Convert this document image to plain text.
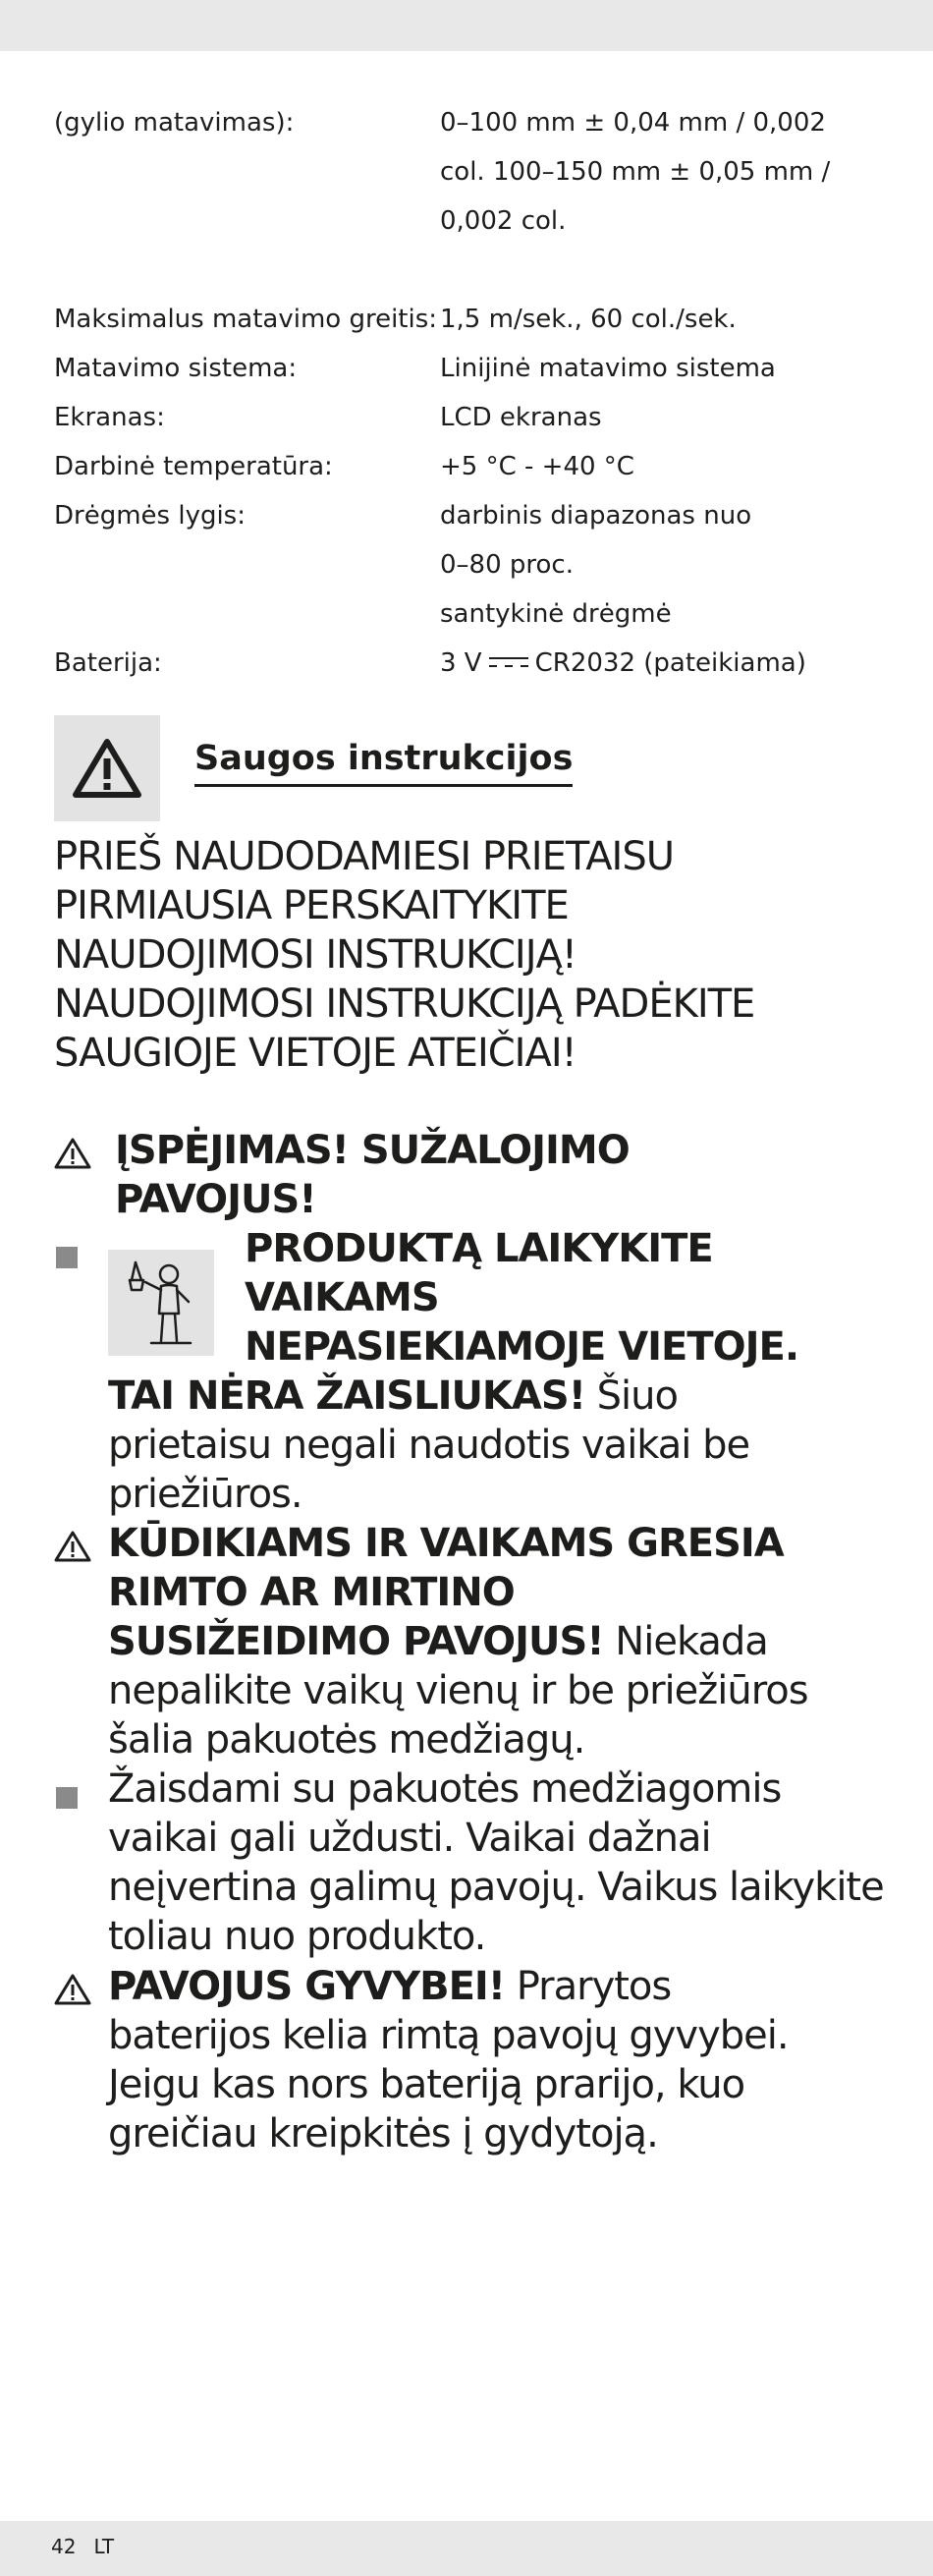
(gylio matavimas):	0–100 mm ± 0,04 mm / 0,002
col. 100–150 mm ± 0,05 mm /
0,002 col.
Maksimalus matavimo greitis: 1,5 m/sek., 60 col./sek.
Matavimo sistema:	Linijinė matavimo sistema
Ekranas:	LCD ekranas
Darbinė temperatūra:	+5 °C - +40 °C
Drėgmės lygis:	darbinis diapazonas nuo
0–80 proc.
santykinė drėgmė
Baterija:	3 V CR2032 (pateikiama)
Saugos instrukcijos
PRIEŠ NAUDODAMIESI PRIETAISU
PIRMIAUSIA PERSKAITYKITE
NAUDOJIMOSI INSTRUKCIJĄ!
NAUDOJIMOSI INSTRUKCIJĄ PADĖKITE
SAUGIOJE VIETOJE ATEIČIAI!
ĮSPĖJIMAS! SUŽALOJIMO
PAVOJUS!
PRODUKTĄ LAIKYKITE
VAIKAMS
NEPASIEKIAMOJE VIETOJE.
TAI NĖRA ŽAISLIUKAS! Šiuo
prietaisu negali naudotis vaikai be
priežiūros.
KŪDIKIAMS IR VAIKAMS GRESIA
RIMTO AR MIRTINO
SUSIŽEIDIMO PAVOJUS! Niekada
nepalikite vaikų vienų ir be priežiūros
šalia pakuotės medžiagų.
Žaisdami su pakuotės medžiagomis
vaikai gali uždusti. Vaikai dažnai
neįvertina galimų pavojų. Vaikus laikykite
toliau nuo produkto.
PAVOJUS GYVYBEI! Prarytos
baterijos kelia rimtą pavojų gyvybei.
Jeigu kas nors bateriją prarijo, kuo
greičiau kreipkitės į gydytoją.
42 LT
